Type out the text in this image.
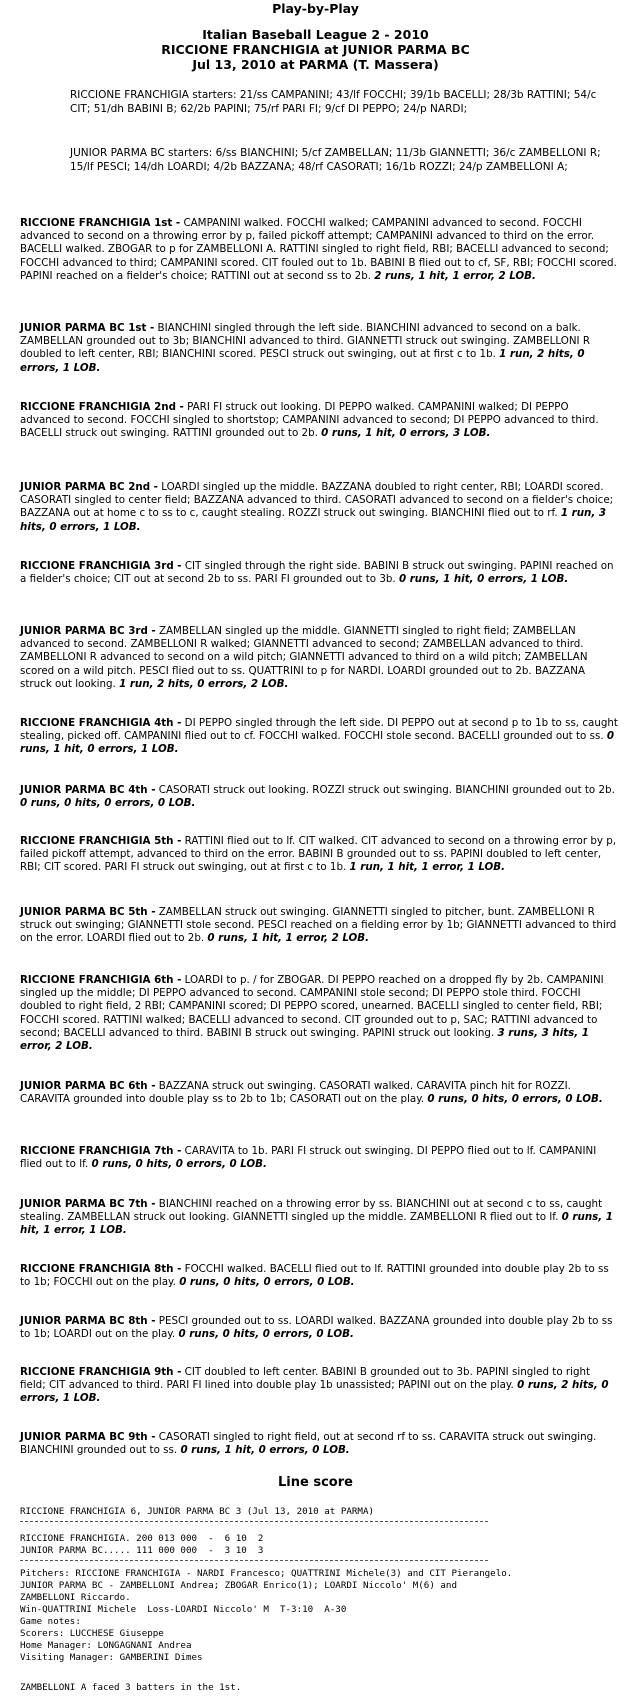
Play-by-Play
Italian Baseball League 2 - 2010
RICCIONE FRANCHIGIA at JUNIOR PARMA BC
Jul 13, 2010 at PARMA (T. Massera)
RICCIONE FRANCHIGIA starters: 21/ss CAMPANINI; 43/lf FOCCHI; 39/1b BACELLI; 28/3b RATTINI; 54/c CIT; 51/dh BABINI B; 62/2b PAPINI; 75/rf PARI FI; 9/cf DI PEPPO; 24/p NARDI;
JUNIOR PARMA BC starters: 6/ss BIANCHINI; 5/cf ZAMBELLAN; 11/3b GIANNETTI; 36/c ZAMBELLONI R; 15/lf PESCI; 14/dh LOARDI; 4/2b BAZZANA; 48/rf CASORATI; 16/1b ROZZI; 24/p ZAMBELLONI A;
RICCIONE FRANCHIGIA 1st - CAMPANINI walked. FOCCHI walked; CAMPANINI advanced to second. FOCCHI advanced to second on a throwing error by p, failed pickoff attempt; CAMPANINI advanced to third on the error. BACELLI walked. ZBOGAR to p for ZAMBELLONI A. RATTINI singled to right field, RBI; BACELLI advanced to second; FOCCHI advanced to third; CAMPANINI scored. CIT fouled out to 1b. BABINI B flied out to cf, SF, RBI; FOCCHI scored. PAPINI reached on a fielder's choice; RATTINI out at second ss to 2b. 2 runs, 1 hit, 1 error, 2 LOB.
JUNIOR PARMA BC 1st - BIANCHINI singled through the left side. BIANCHINI advanced to second on a balk. ZAMBELLAN grounded out to 3b; BIANCHINI advanced to third. GIANNETTI struck out swinging. ZAMBELLONI R doubled to left center, RBI; BIANCHINI scored. PESCI struck out swinging, out at first c to 1b. 1 run, 2 hits, 0 errors, 1 LOB.
RICCIONE FRANCHIGIA 2nd - PARI FI struck out looking. DI PEPPO walked. CAMPANINI walked; DI PEPPO advanced to second. FOCCHI singled to shortstop; CAMPANINI advanced to second; DI PEPPO advanced to third. BACELLI struck out swinging. RATTINI grounded out to 2b. 0 runs, 1 hit, 0 errors, 3 LOB.
JUNIOR PARMA BC 2nd - LOARDI singled up the middle. BAZZANA doubled to right center, RBI; LOARDI scored. CASORATI singled to center field; BAZZANA advanced to third. CASORATI advanced to second on a fielder's choice; BAZZANA out at home c to ss to c, caught stealing. ROZZI struck out swinging. BIANCHINI flied out to rf. 1 run, 3 hits, 0 errors, 1 LOB.
RICCIONE FRANCHIGIA 3rd - CIT singled through the right side. BABINI B struck out swinging. PAPINI reached on a fielder's choice; CIT out at second 2b to ss. PARI FI grounded out to 3b. 0 runs, 1 hit, 0 errors, 1 LOB.
JUNIOR PARMA BC 3rd - ZAMBELLAN singled up the middle. GIANNETTI singled to right field; ZAMBELLAN advanced to second. ZAMBELLONI R walked; GIANNETTI advanced to second; ZAMBELLAN advanced to third. ZAMBELLONI R advanced to second on a wild pitch; GIANNETTI advanced to third on a wild pitch; ZAMBELLAN scored on a wild pitch. PESCI flied out to ss. QUATTRINI to p for NARDI. LOARDI grounded out to 2b. BAZZANA struck out looking. 1 run, 2 hits, 0 errors, 2 LOB.
RICCIONE FRANCHIGIA 4th - DI PEPPO singled through the left side. DI PEPPO out at second p to 1b to ss, caught stealing, picked off. CAMPANINI flied out to cf. FOCCHI walked. FOCCHI stole second. BACELLI grounded out to ss. 0 runs, 1 hit, 0 errors, 1 LOB.
JUNIOR PARMA BC 4th - CASORATI struck out looking. ROZZI struck out swinging. BIANCHINI grounded out to 2b. 0 runs, 0 hits, 0 errors, 0 LOB.
RICCIONE FRANCHIGIA 5th - RATTINI flied out to lf. CIT walked. CIT advanced to second on a throwing error by p, failed pickoff attempt, advanced to third on the error. BABINI B grounded out to ss. PAPINI doubled to left center, RBI; CIT scored. PARI FI struck out swinging, out at first c to 1b. 1 run, 1 hit, 1 error, 1 LOB.
JUNIOR PARMA BC 5th - ZAMBELLAN struck out swinging. GIANNETTI singled to pitcher, bunt. ZAMBELLONI R struck out swinging; GIANNETTI stole second. PESCI reached on a fielding error by 1b; GIANNETTI advanced to third on the error. LOARDI flied out to 2b. 0 runs, 1 hit, 1 error, 2 LOB.
RICCIONE FRANCHIGIA 6th - LOARDI to p. / for ZBOGAR. DI PEPPO reached on a dropped fly by 2b. CAMPANINI singled up the middle; DI PEPPO advanced to second. CAMPANINI stole second; DI PEPPO stole third. FOCCHI doubled to right field, 2 RBI; CAMPANINI scored; DI PEPPO scored, unearned. BACELLI singled to center field, RBI; FOCCHI scored. RATTINI walked; BACELLI advanced to second. CIT grounded out to p, SAC; RATTINI advanced to second; BACELLI advanced to third. BABINI B struck out swinging. PAPINI struck out looking. 3 runs, 3 hits, 1 error, 2 LOB.
JUNIOR PARMA BC 6th - BAZZANA struck out swinging. CASORATI walked. CARAVITA pinch hit for ROZZI. CARAVITA grounded into double play ss to 2b to 1b; CASORATI out on the play. 0 runs, 0 hits, 0 errors, 0 LOB.
RICCIONE FRANCHIGIA 7th - CARAVITA to 1b. PARI FI struck out swinging. DI PEPPO flied out to lf. CAMPANINI flied out to lf. 0 runs, 0 hits, 0 errors, 0 LOB.
JUNIOR PARMA BC 7th - BIANCHINI reached on a throwing error by ss. BIANCHINI out at second c to ss, caught stealing. ZAMBELLAN struck out looking. GIANNETTI singled up the middle. ZAMBELLONI R flied out to lf. 0 runs, 1 hit, 1 error, 1 LOB.
RICCIONE FRANCHIGIA 8th - FOCCHI walked. BACELLI flied out to lf. RATTINI grounded into double play 2b to ss to 1b; FOCCHI out on the play. 0 runs, 0 hits, 0 errors, 0 LOB.
JUNIOR PARMA BC 8th - PESCI grounded out to ss. LOARDI walked. BAZZANA grounded into double play 2b to ss to 1b; LOARDI out on the play. 0 runs, 0 hits, 0 errors, 0 LOB.
RICCIONE FRANCHIGIA 9th - CIT doubled to left center. BABINI B grounded out to 3b. PAPINI singled to right field; CIT advanced to third. PARI FI lined into double play 1b unassisted; PAPINI out on the play. 0 runs, 2 hits, 0 errors, 1 LOB.
JUNIOR PARMA BC 9th - CASORATI singled to right field, out at second rf to ss. CARAVITA struck out swinging. BIANCHINI grounded out to ss. 0 runs, 1 hit, 0 errors, 0 LOB.
Line score
RICCIONE FRANCHIGIA 6, JUNIOR PARMA BC 3 (Jul 13, 2010 at PARMA)
RICCIONE FRANCHIGIA. 200 013 000  -  6 10  2
JUNIOR PARMA BC..... 111 000 000  -  3 10  3
Pitchers: RICCIONE FRANCHIGIA - NARDI Francesco; QUATTRINI Michele(3) and CIT Pierangelo.
JUNIOR PARMA BC - ZAMBELLONI Andrea; ZBOGAR Enrico(1); LOARDI Niccolo' M(6) and
ZAMBELLONI Riccardo.
Win-QUATTRINI Michele  Loss-LOARDI Niccolo' M  T-3:10  A-30
Game notes:
Scorers: LUCCHESE Giuseppe
Home Manager: LONGAGNANI Andrea
Visiting Manager: GAMBERINI Dimes
ZAMBELLONI A faced 3 batters in the 1st.
